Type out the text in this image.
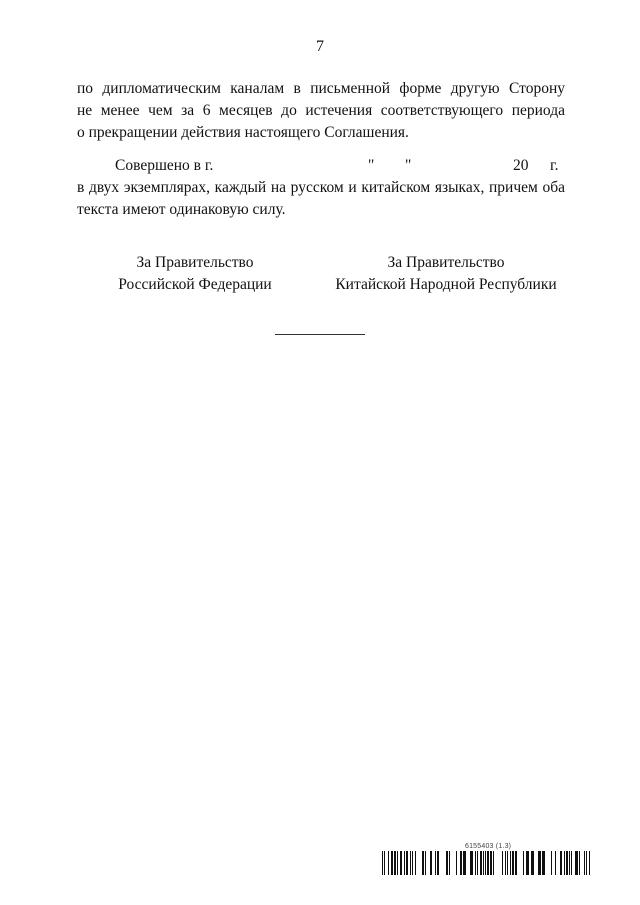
7
по дипломатическим каналам в письменной форме другую Сторону
не менее чем за 6 месяцев до истечения соответствующего периода
о прекращении действия настоящего Соглашения.
Совершено в г.	" "	20 г.
в двух экземплярах, каждый на русском и китайском языках, причем оба
текста имеют одинаковую силу.
За Правительство
Российской Федерации
За Правительство
Китайской Народной Республики
6155403 (1.3)
